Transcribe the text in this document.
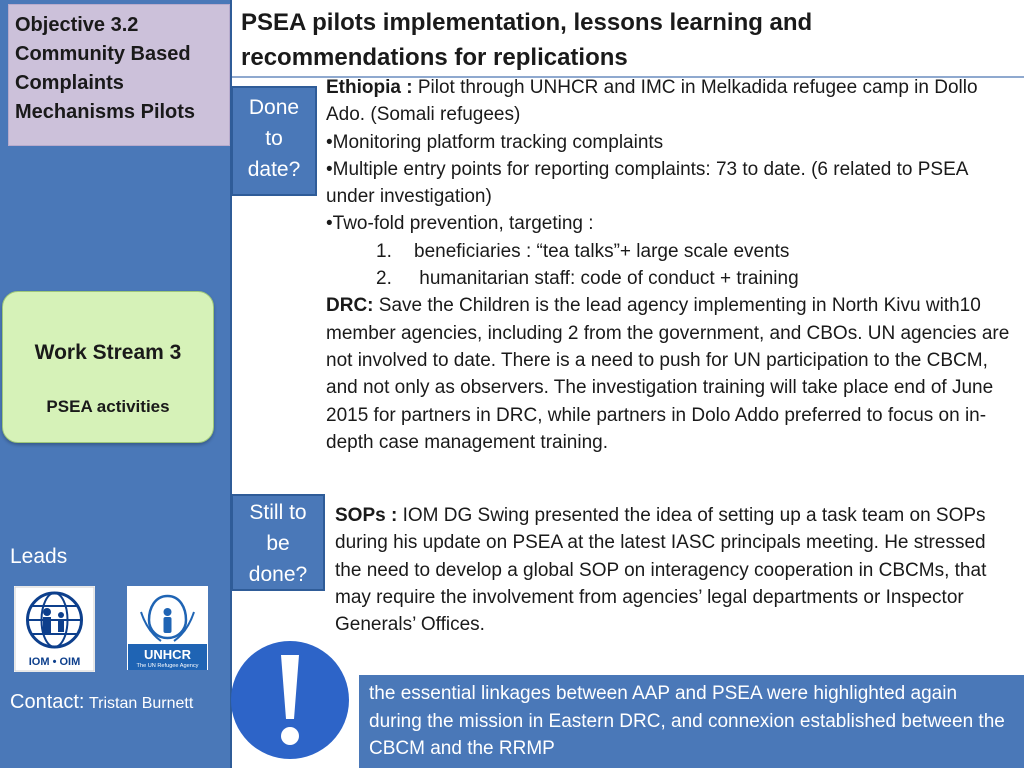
Objective 3.2
Community Based
Complaints
Mechanisms Pilots
Work Stream 3
PSEA activities
Leads
IOM • OIM	UNHCR
The UN Refugee Agency
Contact: Tristan Burnett
PSEA pilots implementation, lessons learning and
recommendations for replications
Done
to
date?
Ethiopia : Pilot through UNHCR and IMC in Melkadida refugee camp in Dollo Ado. (Somali refugees)
•Monitoring platform tracking complaints
•Multiple entry points for reporting complaints: 73 to date. (6 related to PSEA under investigation)
•Two-fold prevention, targeting :
1. beneficiaries : “tea talks”+ large scale events
2. humanitarian staff: code of conduct + training
DRC: Save the Children is the lead agency implementing in North Kivu with10 member agencies, including 2 from the government, and CBOs. UN agencies are not involved to date. There is a need to push for UN participation to the CBCM, and not only as observers. The investigation training will take place end of June 2015 for partners in DRC, while partners in Dolo Addo preferred to focus on in-depth case management training.
Still to
be
done?
SOPs : IOM DG Swing presented the idea of setting up a task team on SOPs during his update on PSEA at the latest IASC principals meeting. He stressed the need to develop a global SOP on interagency cooperation in CBCMs, that may require the involvement from agencies’ legal departments or Inspector Generals’ Offices.
the essential linkages between AAP and PSEA were highlighted again during the mission in Eastern DRC, and connexion established between the CBCM and the RRMP
